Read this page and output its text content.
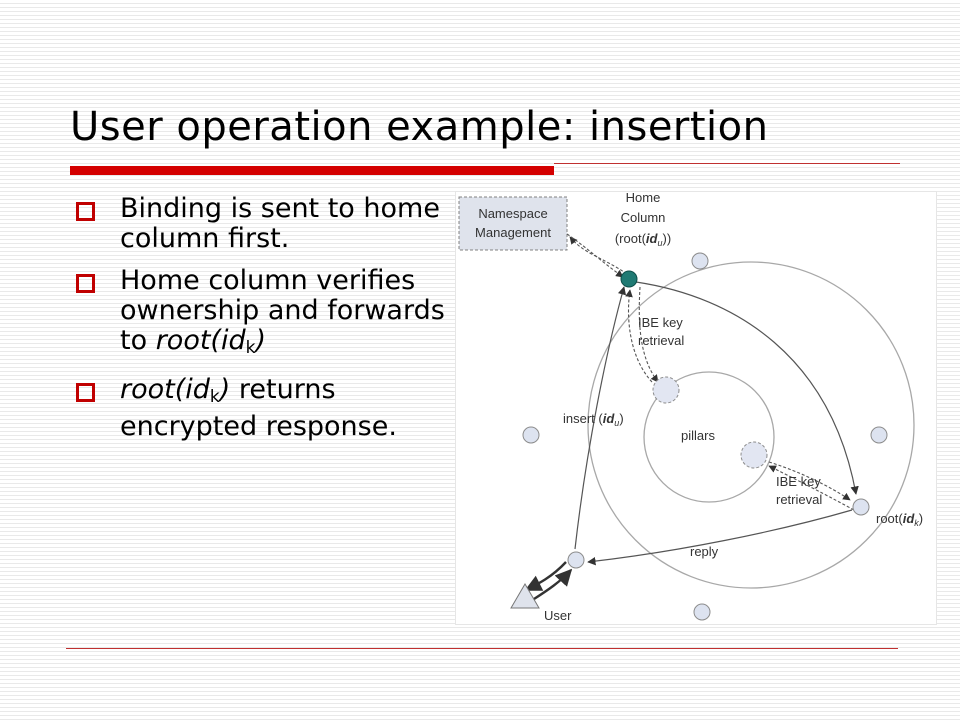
User operation example: insertion
Binding is sent to home column first.
Home column verifies ownership and forwards to $root(id_k)$
$root(id_k)$ returns encrypted response.
Namespace
Management
Home
Column
$(root(id_u))$
IBE key
retrieval
pillars
insert $(id_u)$
IBE key
retrieval
$root(id_k)$
reply
User
